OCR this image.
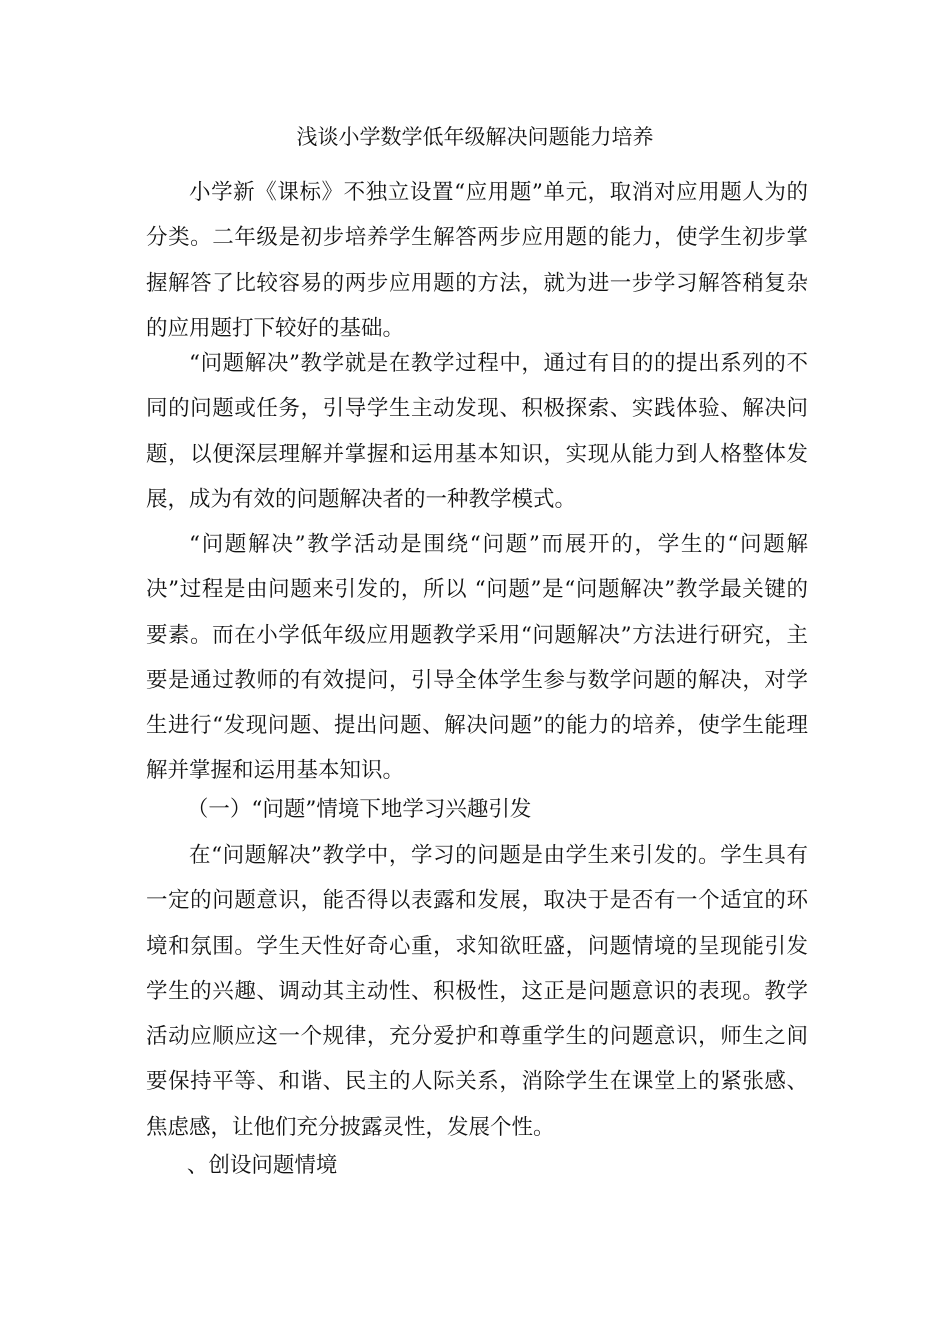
浅谈小学数学低年级解决问题能力培养

小学新《课标》不独立设置“应用题”单元，取消对应用题人为的分类。二年级是初步培养学生解答两步应用题的能力，使学生初步掌握解答了比较容易的两步应用题的方法，就为进一步学习解答稍复杂的应用题打下较好的基础。

“问题解决”教学就是在教学过程中，通过有目的的提出系列的不同的问题或任务，引导学生主动发现、积极探索、实践体验、解决问题，以便深层理解并掌握和运用基本知识，实现从能力到人格整体发展，成为有效的问题解决者的一种教学模式。

“问题解决”教学活动是围绕“问题”而展开的，学生的“问题解决”过程是由问题来引发的，所以 “问题”是“问题解决”教学最关键的要素。而在小学低年级应用题教学采用“问题解决”方法进行研究，主要是通过教师的有效提问，引导全体学生参与数学问题的解决，对学生进行“发现问题、提出问题、解决问题”的能力的培养，使学生能理解并掌握和运用基本知识。

（一）“问题”情境下地学习兴趣引发

在“问题解决”教学中，学习的问题是由学生来引发的。学生具有一定的问题意识，能否得以表露和发展，取决于是否有一个适宜的环境和氛围。学生天性好奇心重，求知欲旺盛，问题情境的呈现能引发学生的兴趣、调动其主动性、积极性，这正是问题意识的表现。教学活动应顺应这一个规律，充分爱护和尊重学生的问题意识，师生之间要保持平等、和谐、民主的人际关系，消除学生在课堂上的紧张感、焦虑感，让他们充分披露灵性，发展个性。

、创设问题情境
